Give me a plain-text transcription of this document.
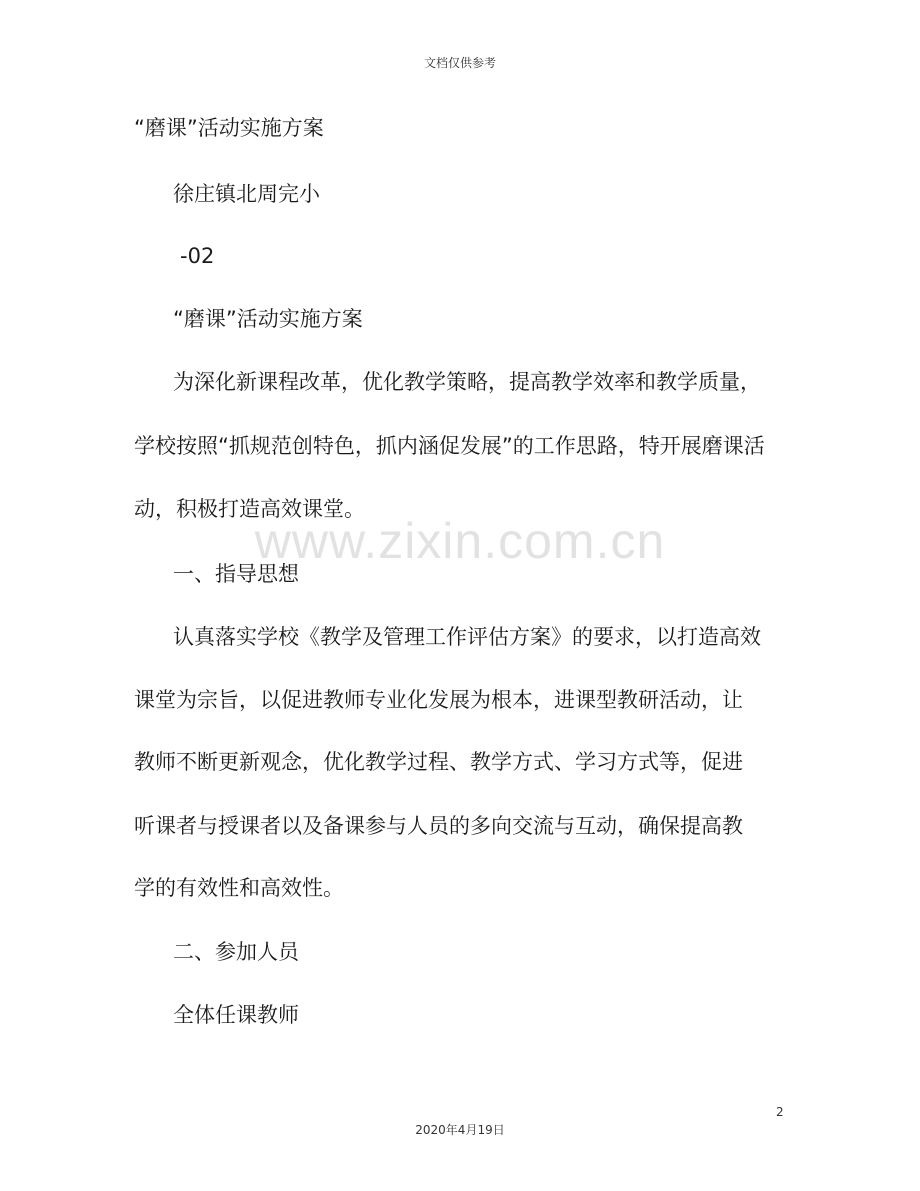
文档仅供参考
www.zixin.com.cn
“磨课”活动实施方案
徐庄镇北周完小
-02
“磨课”活动实施方案
为深化新课程改革，优化教学策略，提高教学效率和教学质量，
学校按照“抓规范创特色，抓内涵促发展”的工作思路，特开展磨课活
动，积极打造高效课堂。
一、指导思想
认真落实学校《教学及管理工作评估方案》的要求，以打造高效
课堂为宗旨，以促进教师专业化发展为根本，进课型教研活动，让
教师不断更新观念，优化教学过程、教学方式、学习方式等，促进
听课者与授课者以及备课参与人员的多向交流与互动，确保提高教
学的有效性和高效性。
二、参加人员
全体任课教师
2
2020年4月19日
